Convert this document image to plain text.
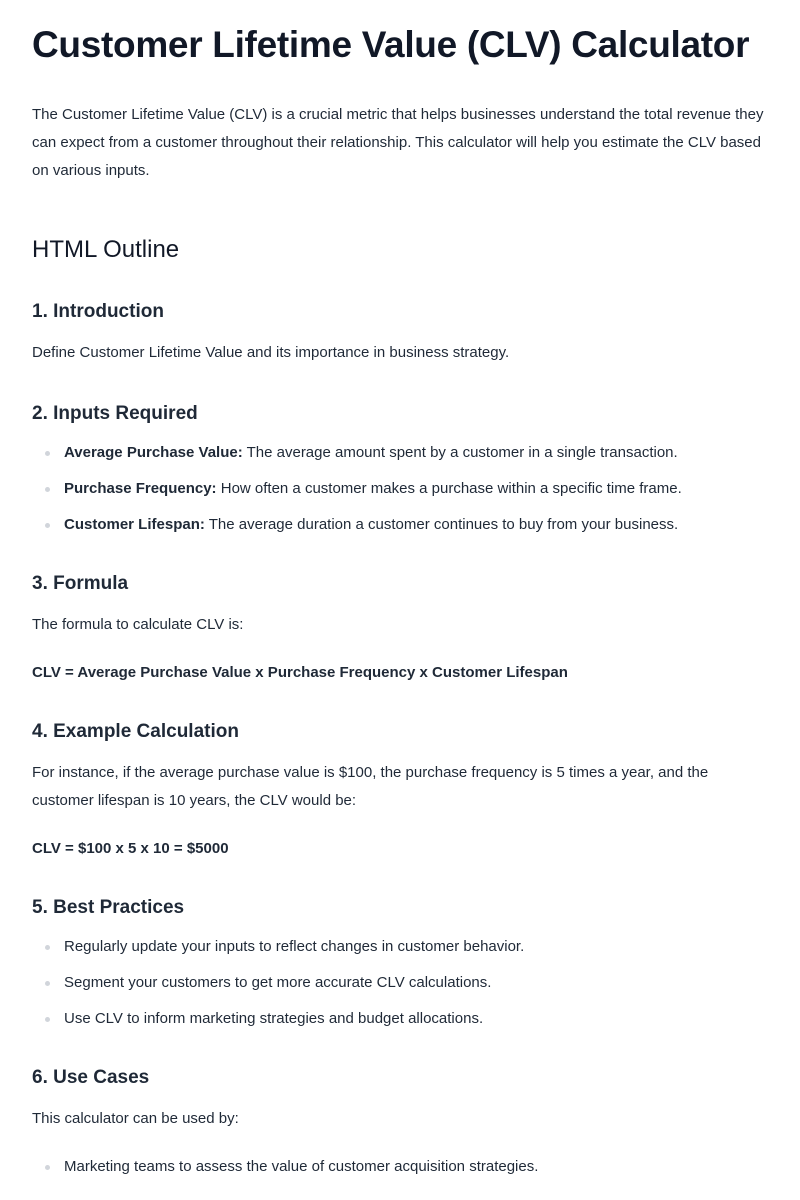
Customer Lifetime Value (CLV) Calculator

The Customer Lifetime Value (CLV) is a crucial metric that helps businesses understand the total revenue they can expect from a customer throughout their relationship. This calculator will help you estimate the CLV based on various inputs.

HTML Outline
1. Introduction

Define Customer Lifetime Value and its importance in business strategy.

2. Inputs Required
Average Purchase Value: The average amount spent by a customer in a single transaction.
Purchase Frequency: How often a customer makes a purchase within a specific time frame.
Customer Lifespan: The average duration a customer continues to buy from your business.
3. Formula

The formula to calculate CLV is:

CLV = Average Purchase Value x Purchase Frequency x Customer Lifespan
4. Example Calculation

For instance, if the average purchase value is $100, the purchase frequency is 5 times a year, and the customer lifespan is 10 years, the CLV would be:

CLV = $100 x 5 x 10 = $5000
5. Best Practices
Regularly update your inputs to reflect changes in customer behavior.
Segment your customers to get more accurate CLV calculations.
Use CLV to inform marketing strategies and budget allocations.
6. Use Cases

This calculator can be used by:

Marketing teams to assess the value of customer acquisition strategies.
